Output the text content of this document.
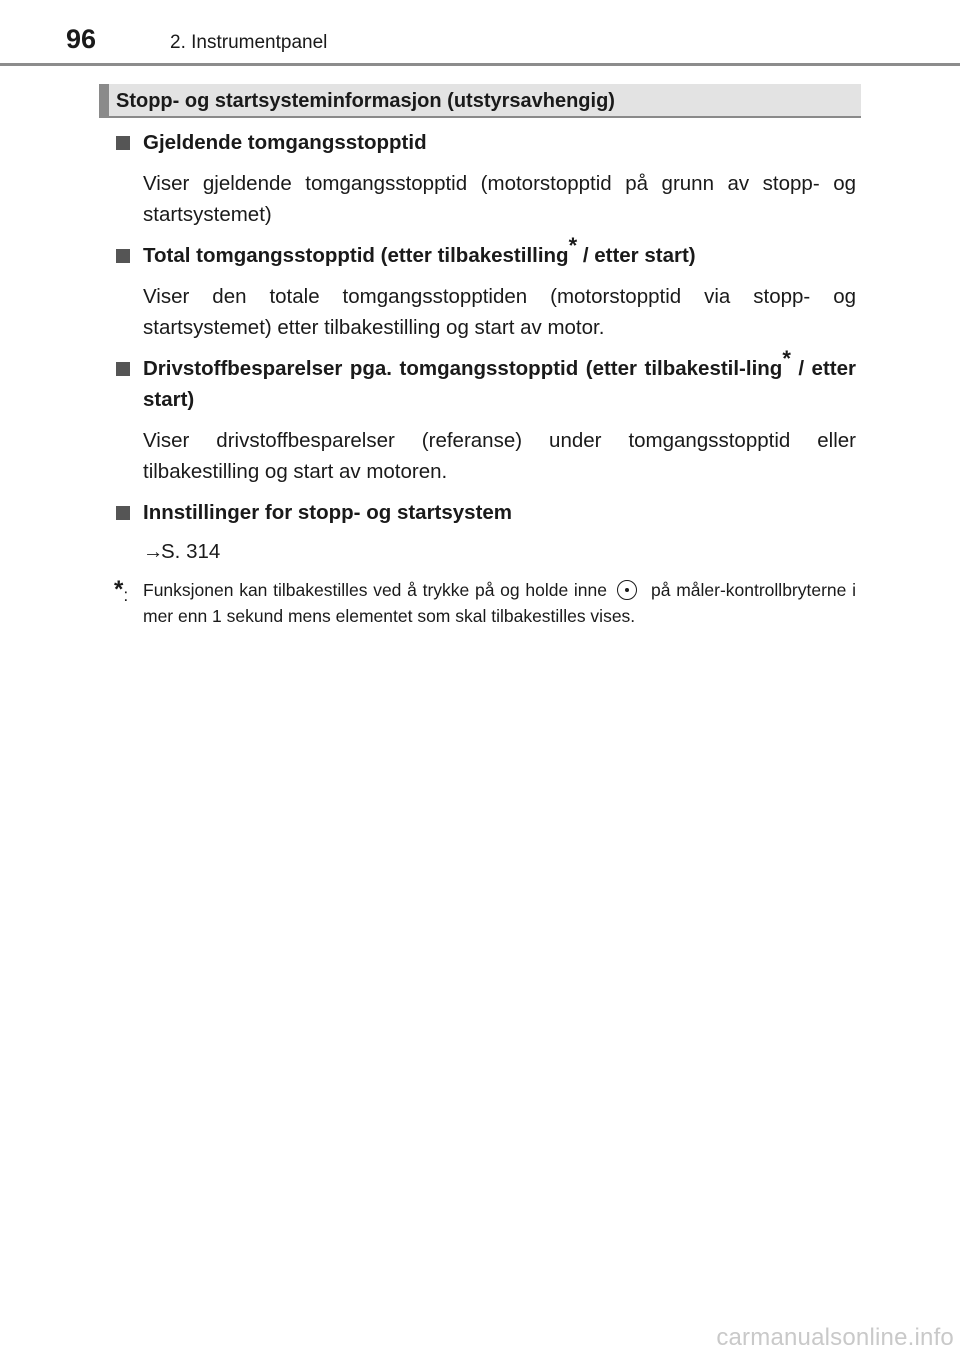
96	2. Instrumentpanel
Stopp- og startsysteminformasjon (utstyrsavhengig)
Gjeldende tomgangsstopptid
Viser gjeldende tomgangsstopptid (motorstopptid på grunn av stopp- og startsystemet)
Total tomgangsstopptid (etter tilbakestilling* / etter start)
Viser den totale tomgangsstopptiden (motorstopptid via stopp- og startsystemet) etter tilbakestilling og start av motor.
Drivstoffbesparelser pga. tomgangsstopptid (etter tilbakestil-ling* / etter start)
Viser drivstoffbesparelser (referanse) under tomgangsstopptid eller tilbakestilling og start av motoren.
Innstillinger for stopp- og startsystem
→S. 314
*: Funksjonen kan tilbakestilles ved å trykke på og holde inne	på måler-kontrollbryterne i mer enn 1 sekund mens elementet som skal tilbakestilles vises.
carmanualsonline.info
